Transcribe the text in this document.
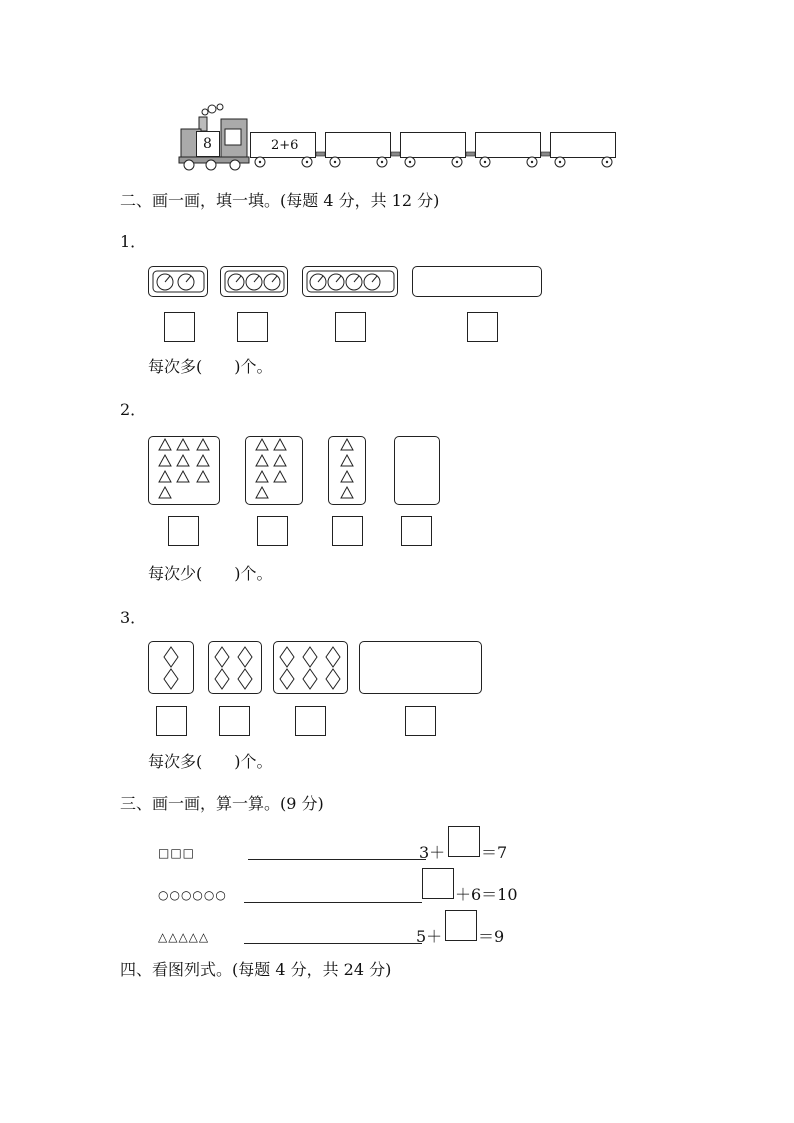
8	2+6
二、画一画，填一填。(每题 4 分，共 12 分)
1．
每次多(　　)个。
2．
每次少(　　)个。
3．
每次多(　　)个。
三、画一画，算一算。(9 分)
□□□	3＋ ＝7
○○○○○○	＋6＝10
△△△△△	5＋ ＝9
四、看图列式。(每题 4 分，共 24 分)
